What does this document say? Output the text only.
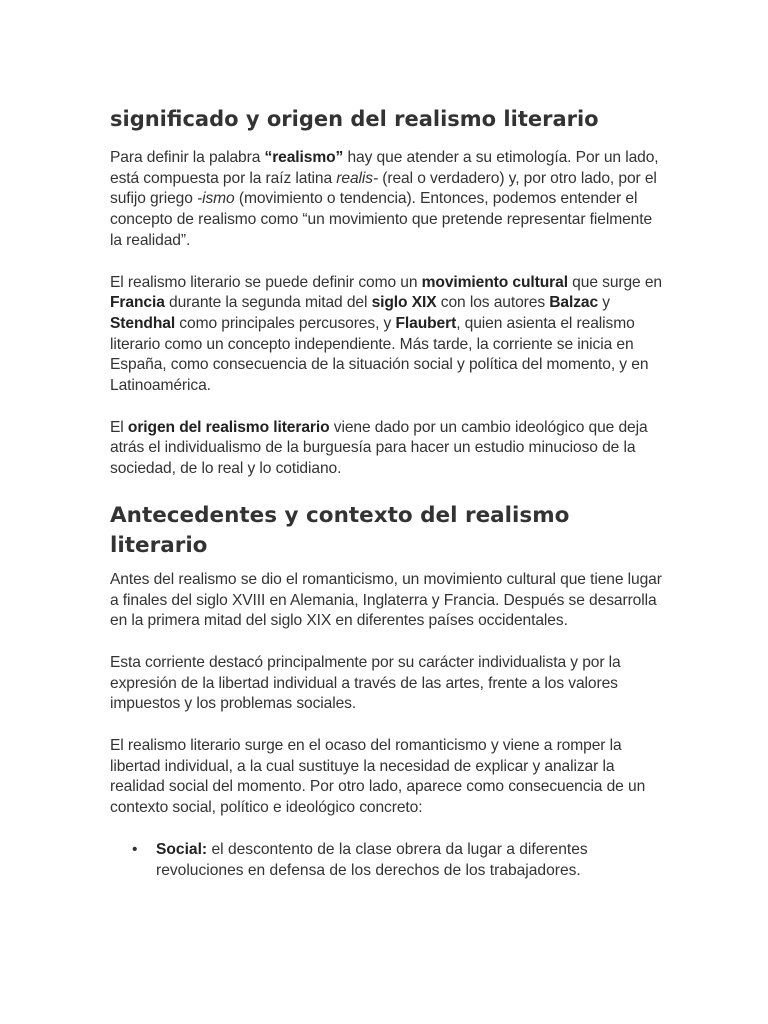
significado y origen del realismo literario

Para definir la palabra “realismo” hay que atender a su etimología. Por un lado, está compuesta por la raíz latina realis- (real o verdadero) y, por otro lado, por el sufijo griego -ismo (movimiento o tendencia). Entonces, podemos entender el concepto de realismo como “un movimiento que pretende representar fielmente la realidad”.

El realismo literario se puede definir como un movimiento cultural que surge en Francia durante la segunda mitad del siglo XIX con los autores Balzac y Stendhal como principales percusores, y Flaubert, quien asienta el realismo literario como un concepto independiente. Más tarde, la corriente se inicia en España, como consecuencia de la situación social y política del momento, y en Latinoamérica.

El origen del realismo literario viene dado por un cambio ideológico que deja atrás el individualismo de la burguesía para hacer un estudio minucioso de la sociedad, de lo real y lo cotidiano.

Antecedentes y contexto del realismo literario

Antes del realismo se dio el romanticismo, un movimiento cultural que tiene lugar a finales del siglo XVIII en Alemania, Inglaterra y Francia. Después se desarrolla en la primera mitad del siglo XIX en diferentes países occidentales.

Esta corriente destacó principalmente por su carácter individualista y por la expresión de la libertad individual a través de las artes, frente a los valores impuestos y los problemas sociales.

El realismo literario surge en el ocaso del romanticismo y viene a romper la libertad individual, a la cual sustituye la necesidad de explicar y analizar la realidad social del momento. Por otro lado, aparece como consecuencia de un contexto social, político e ideológico concreto:

• Social: el descontento de la clase obrera da lugar a diferentes revoluciones en defensa de los derechos de los trabajadores.
